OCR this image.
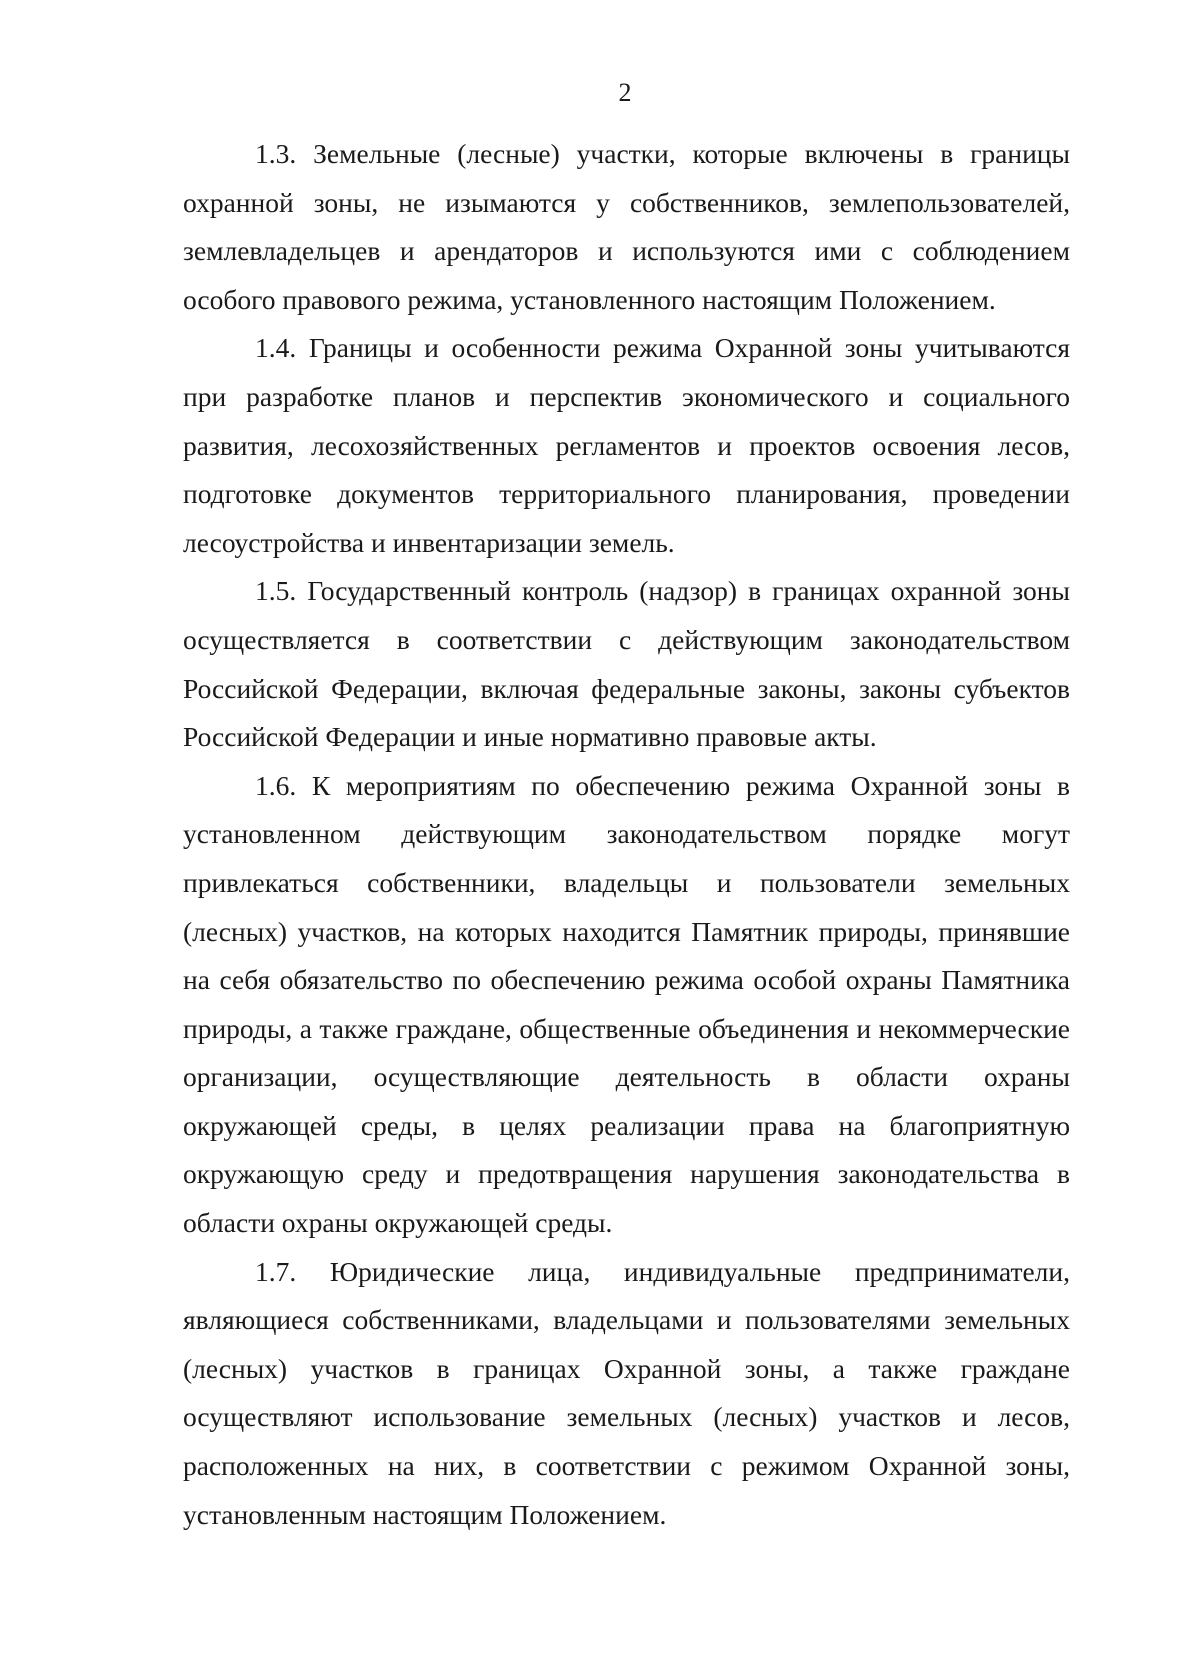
2

1.3. Земельные (лесные) участки, которые включены в границы охранной зоны, не изымаются у собственников, землепользователей, землевладельцев и арендаторов и используются ими с соблюдением особого правового режима, установленного настоящим Положением.

1.4. Границы и особенности режима Охранной зоны учитываются при разработке планов и перспектив экономического и социального развития, лесохозяйственных регламентов и проектов освоения лесов, подготовке документов территориального планирования, проведении лесоустройства и инвентаризации земель.

1.5. Государственный контроль (надзор) в границах охранной зоны осуществляется в соответствии с действующим законодательством Российской Федерации, включая федеральные законы, законы субъектов Российской Федерации и иные нормативно правовые акты.

1.6. К мероприятиям по обеспечению режима Охранной зоны в установленном действующим законодательством порядке могут привлекаться собственники, владельцы и пользователи земельных (лесных) участков, на которых находится Памятник природы, принявшие на себя обязательство по обеспечению режима особой охраны Памятника природы, а также граждане, общественные объединения и некоммерческие организации, осуществляющие деятельность в области охраны окружающей среды, в целях реализации права на благоприятную окружающую среду и предотвращения нарушения законодательства в области охраны окружающей среды.

1.7. Юридические лица, индивидуальные предприниматели, являющиеся собственниками, владельцами и пользователями земельных (лесных) участков в границах Охранной зоны, а также граждане осуществляют использование земельных (лесных) участков и лесов, расположенных на них, в соответствии с режимом Охранной зоны, установленным настоящим Положением.
